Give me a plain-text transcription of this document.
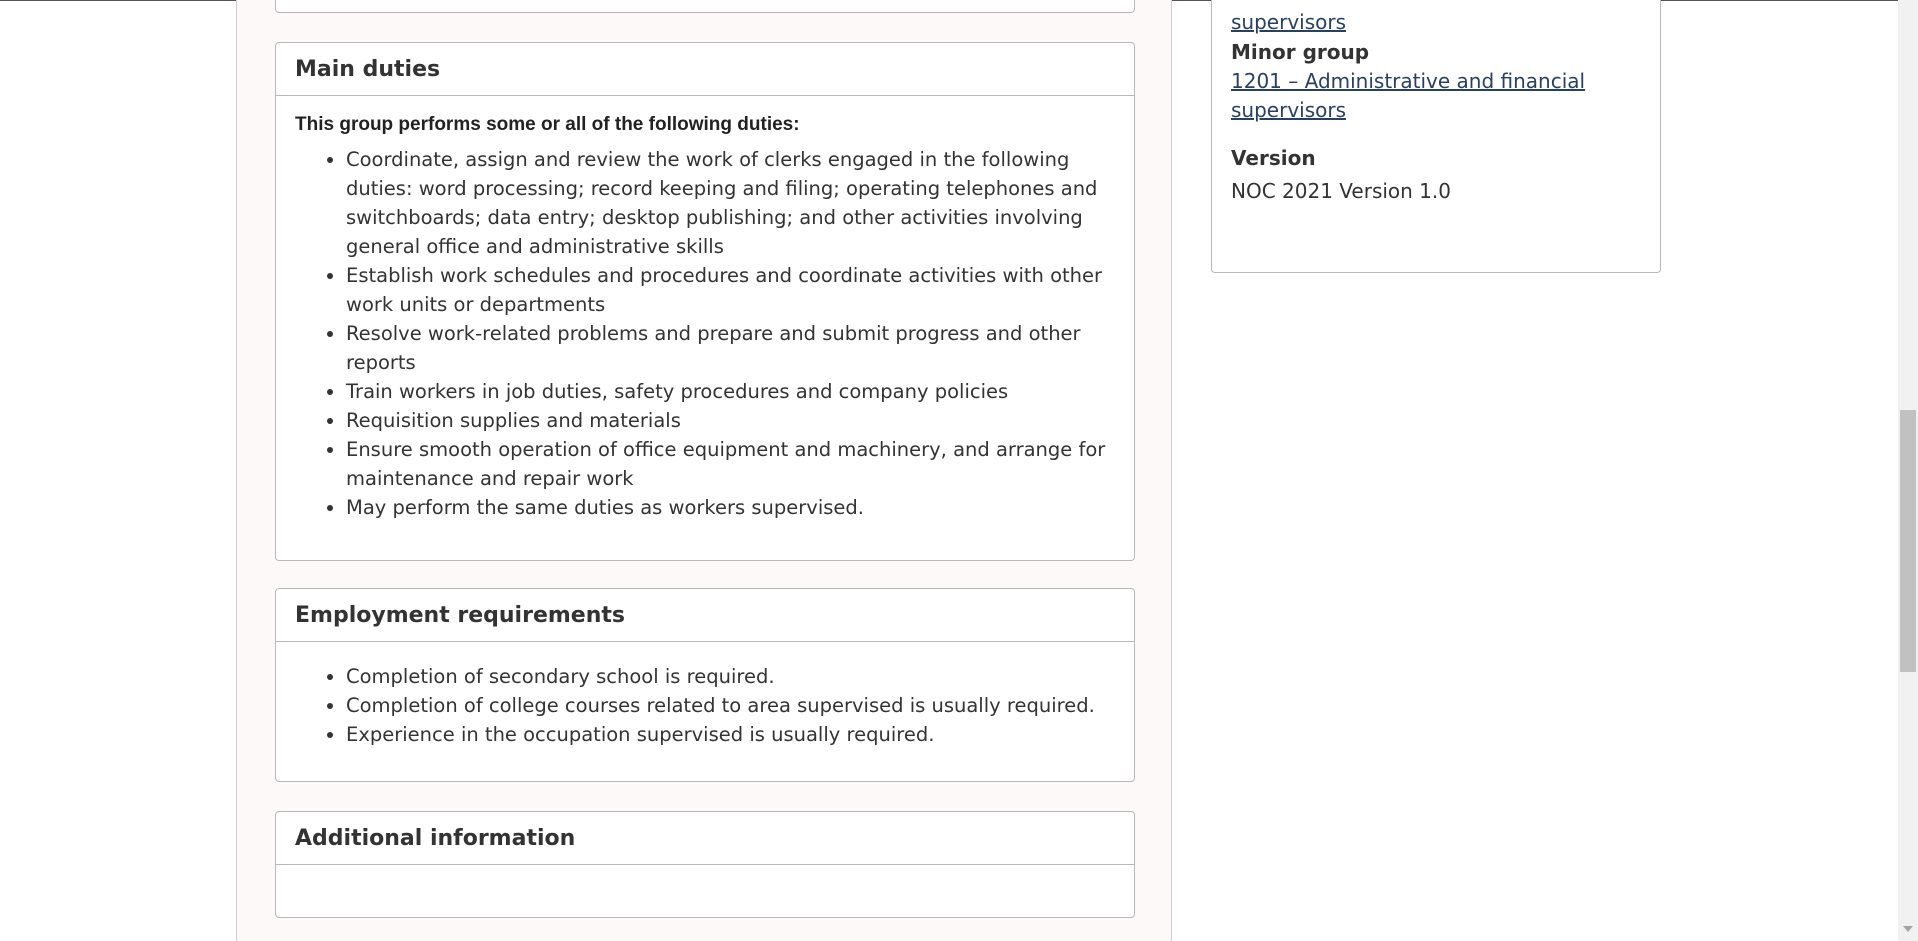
Main duties

This group performs some or all of the following duties:

• Coordinate, assign and review the work of clerks engaged in the following duties: word processing; record keeping and filing; operating telephones and switchboards; data entry; desktop publishing; and other activities involving general office and administrative skills
• Establish work schedules and procedures and coordinate activities with other work units or departments
• Resolve work-related problems and prepare and submit progress and other reports
• Train workers in job duties, safety procedures and company policies
• Requisition supplies and materials
• Ensure smooth operation of office equipment and machinery, and arrange for maintenance and repair work
• May perform the same duties as workers supervised.
Employment requirements
• Completion of secondary school is required.
• Completion of college courses related to area supervised is usually required.
• Experience in the occupation supervised is usually required.
Additional information
supervisors
Minor group
1201 – Administrative and financial supervisors
Version
NOC 2021 Version 1.0
